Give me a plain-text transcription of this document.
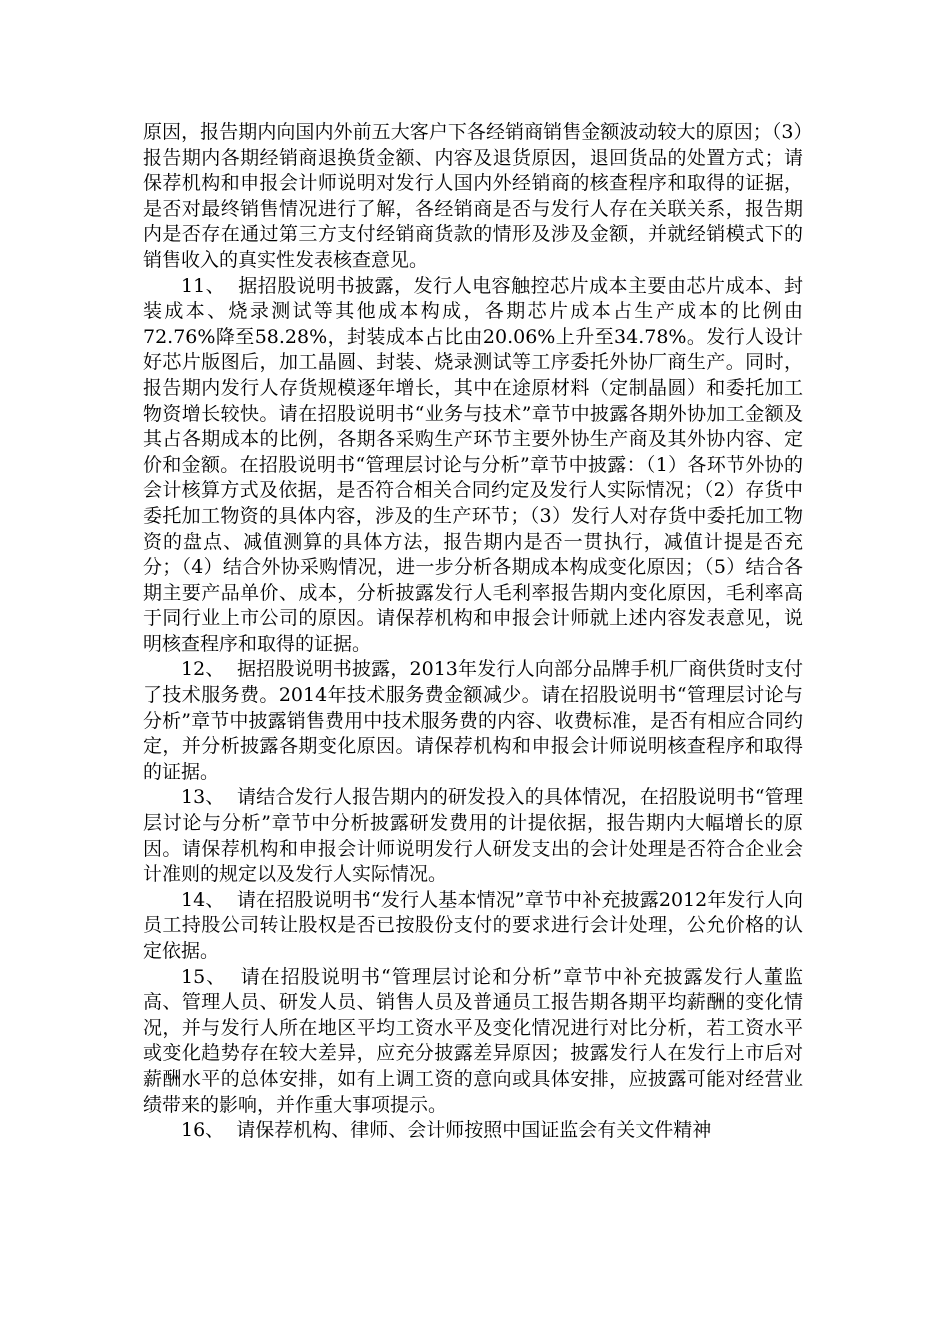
原因，报告期内向国内外前五大客户下各经销商销售金额波动较大的原因；（3）报告期内各期经销商退换货金额、内容及退货原因，退回货品的处置方式；请保荐机构和申报会计师说明对发行人国内外经销商的核查程序和取得的证据，是否对最终销售情况进行了解，各经销商是否与发行人存在关联关系，报告期内是否存在通过第三方支付经销商货款的情形及涉及金额，并就经销模式下的销售收入的真实性发表核查意见。

11、 据招股说明书披露，发行人电容触控芯片成本主要由芯片成本、封装成本、烧录测试等其他成本构成，各期芯片成本占生产成本的比例由72.76%降至58.28%，封装成本占比由20.06%上升至34.78%。发行人设计好芯片版图后，加工晶圆、封装、烧录测试等工序委托外协厂商生产。同时，报告期内发行人存货规模逐年增长，其中在途原材料（定制晶圆）和委托加工物资增长较快。请在招股说明书“业务与技术”章节中披露各期外协加工金额及其占各期成本的比例，各期各采购生产环节主要外协生产商及其外协内容、定价和金额。在招股说明书“管理层讨论与分析”章节中披露：（1）各环节外协的会计核算方式及依据，是否符合相关合同约定及发行人实际情况；（2）存货中委托加工物资的具体内容，涉及的生产环节；（3）发行人对存货中委托加工物资的盘点、减值测算的具体方法，报告期内是否一贯执行，减值计提是否充分；（4）结合外协采购情况，进一步分析各期成本构成变化原因；（5）结合各期主要产品单价、成本，分析披露发行人毛利率报告期内变化原因，毛利率高于同行业上市公司的原因。请保荐机构和申报会计师就上述内容发表意见，说明核查程序和取得的证据。

12、 据招股说明书披露，2013年发行人向部分品牌手机厂商供货时支付了技术服务费。2014年技术服务费金额减少。请在招股说明书“管理层讨论与分析”章节中披露销售费用中技术服务费的内容、收费标准，是否有相应合同约定，并分析披露各期变化原因。请保荐机构和申报会计师说明核查程序和取得的证据。

13、 请结合发行人报告期内的研发投入的具体情况，在招股说明书“管理层讨论与分析”章节中分析披露研发费用的计提依据，报告期内大幅增长的原因。请保荐机构和申报会计师说明发行人研发支出的会计处理是否符合企业会计准则的规定以及发行人实际情况。

14、 请在招股说明书“发行人基本情况”章节中补充披露2012年发行人向员工持股公司转让股权是否已按股份支付的要求进行会计处理，公允价格的认定依据。

15、 请在招股说明书“管理层讨论和分析”章节中补充披露发行人董监高、管理人员、研发人员、销售人员及普通员工报告期各期平均薪酬的变化情况，并与发行人所在地区平均工资水平及变化情况进行对比分析，若工资水平或变化趋势存在较大差异，应充分披露差异原因；披露发行人在发行上市后对薪酬水平的总体安排，如有上调工资的意向或具体安排，应披露可能对经营业绩带来的影响，并作重大事项提示。

16、 请保荐机构、律师、会计师按照中国证监会有关文件精神
